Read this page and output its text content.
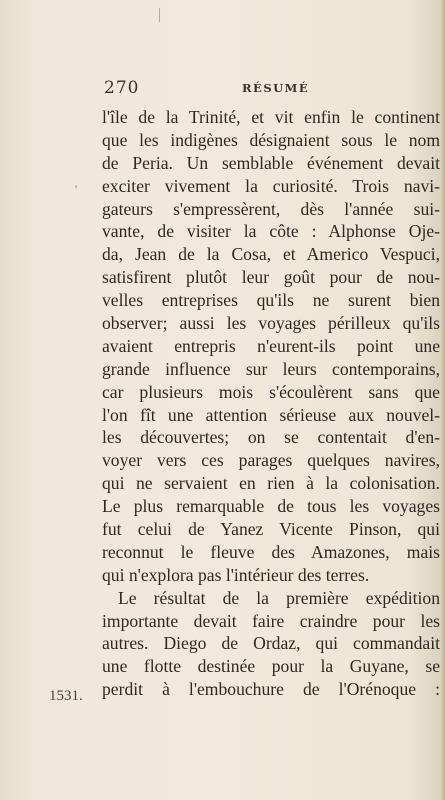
270	RÉSUMÉ
'
l'île de la Trinité, et vit enfin le continent
que les indigènes désignaient sous le nom
de Peria. Un semblable événement devait
exciter vivement la curiosité. Trois navi-
gateurs s'empressèrent, dès l'année sui-
vante, de visiter la côte : Alphonse Oje-
da, Jean de la Cosa, et Americo Vespuci,
satisfirent plutôt leur goût pour de nou-
velles entreprises qu'ils ne surent bien
observer; aussi les voyages périlleux qu'ils
avaient entrepris n'eurent-ils point une
grande influence sur leurs contemporains,
car plusieurs mois s'écoulèrent sans que
l'on fît une attention sérieuse aux nouvel-
les découvertes; on se contentait d'en-
voyer vers ces parages quelques navires,
qui ne servaient en rien à la colonisation.
Le plus remarquable de tous les voyages
fut celui de Yanez Vicente Pinson, qui
reconnut le fleuve des Amazones, mais
qui n'explora pas l'intérieur des terres.
Le résultat de la première expédition
importante devait faire craindre pour les
autres. Diego de Ordaz, qui commandait
une flotte destinée pour la Guyane, se
perdit à l'embouchure de l'Orénoque :
1531.
